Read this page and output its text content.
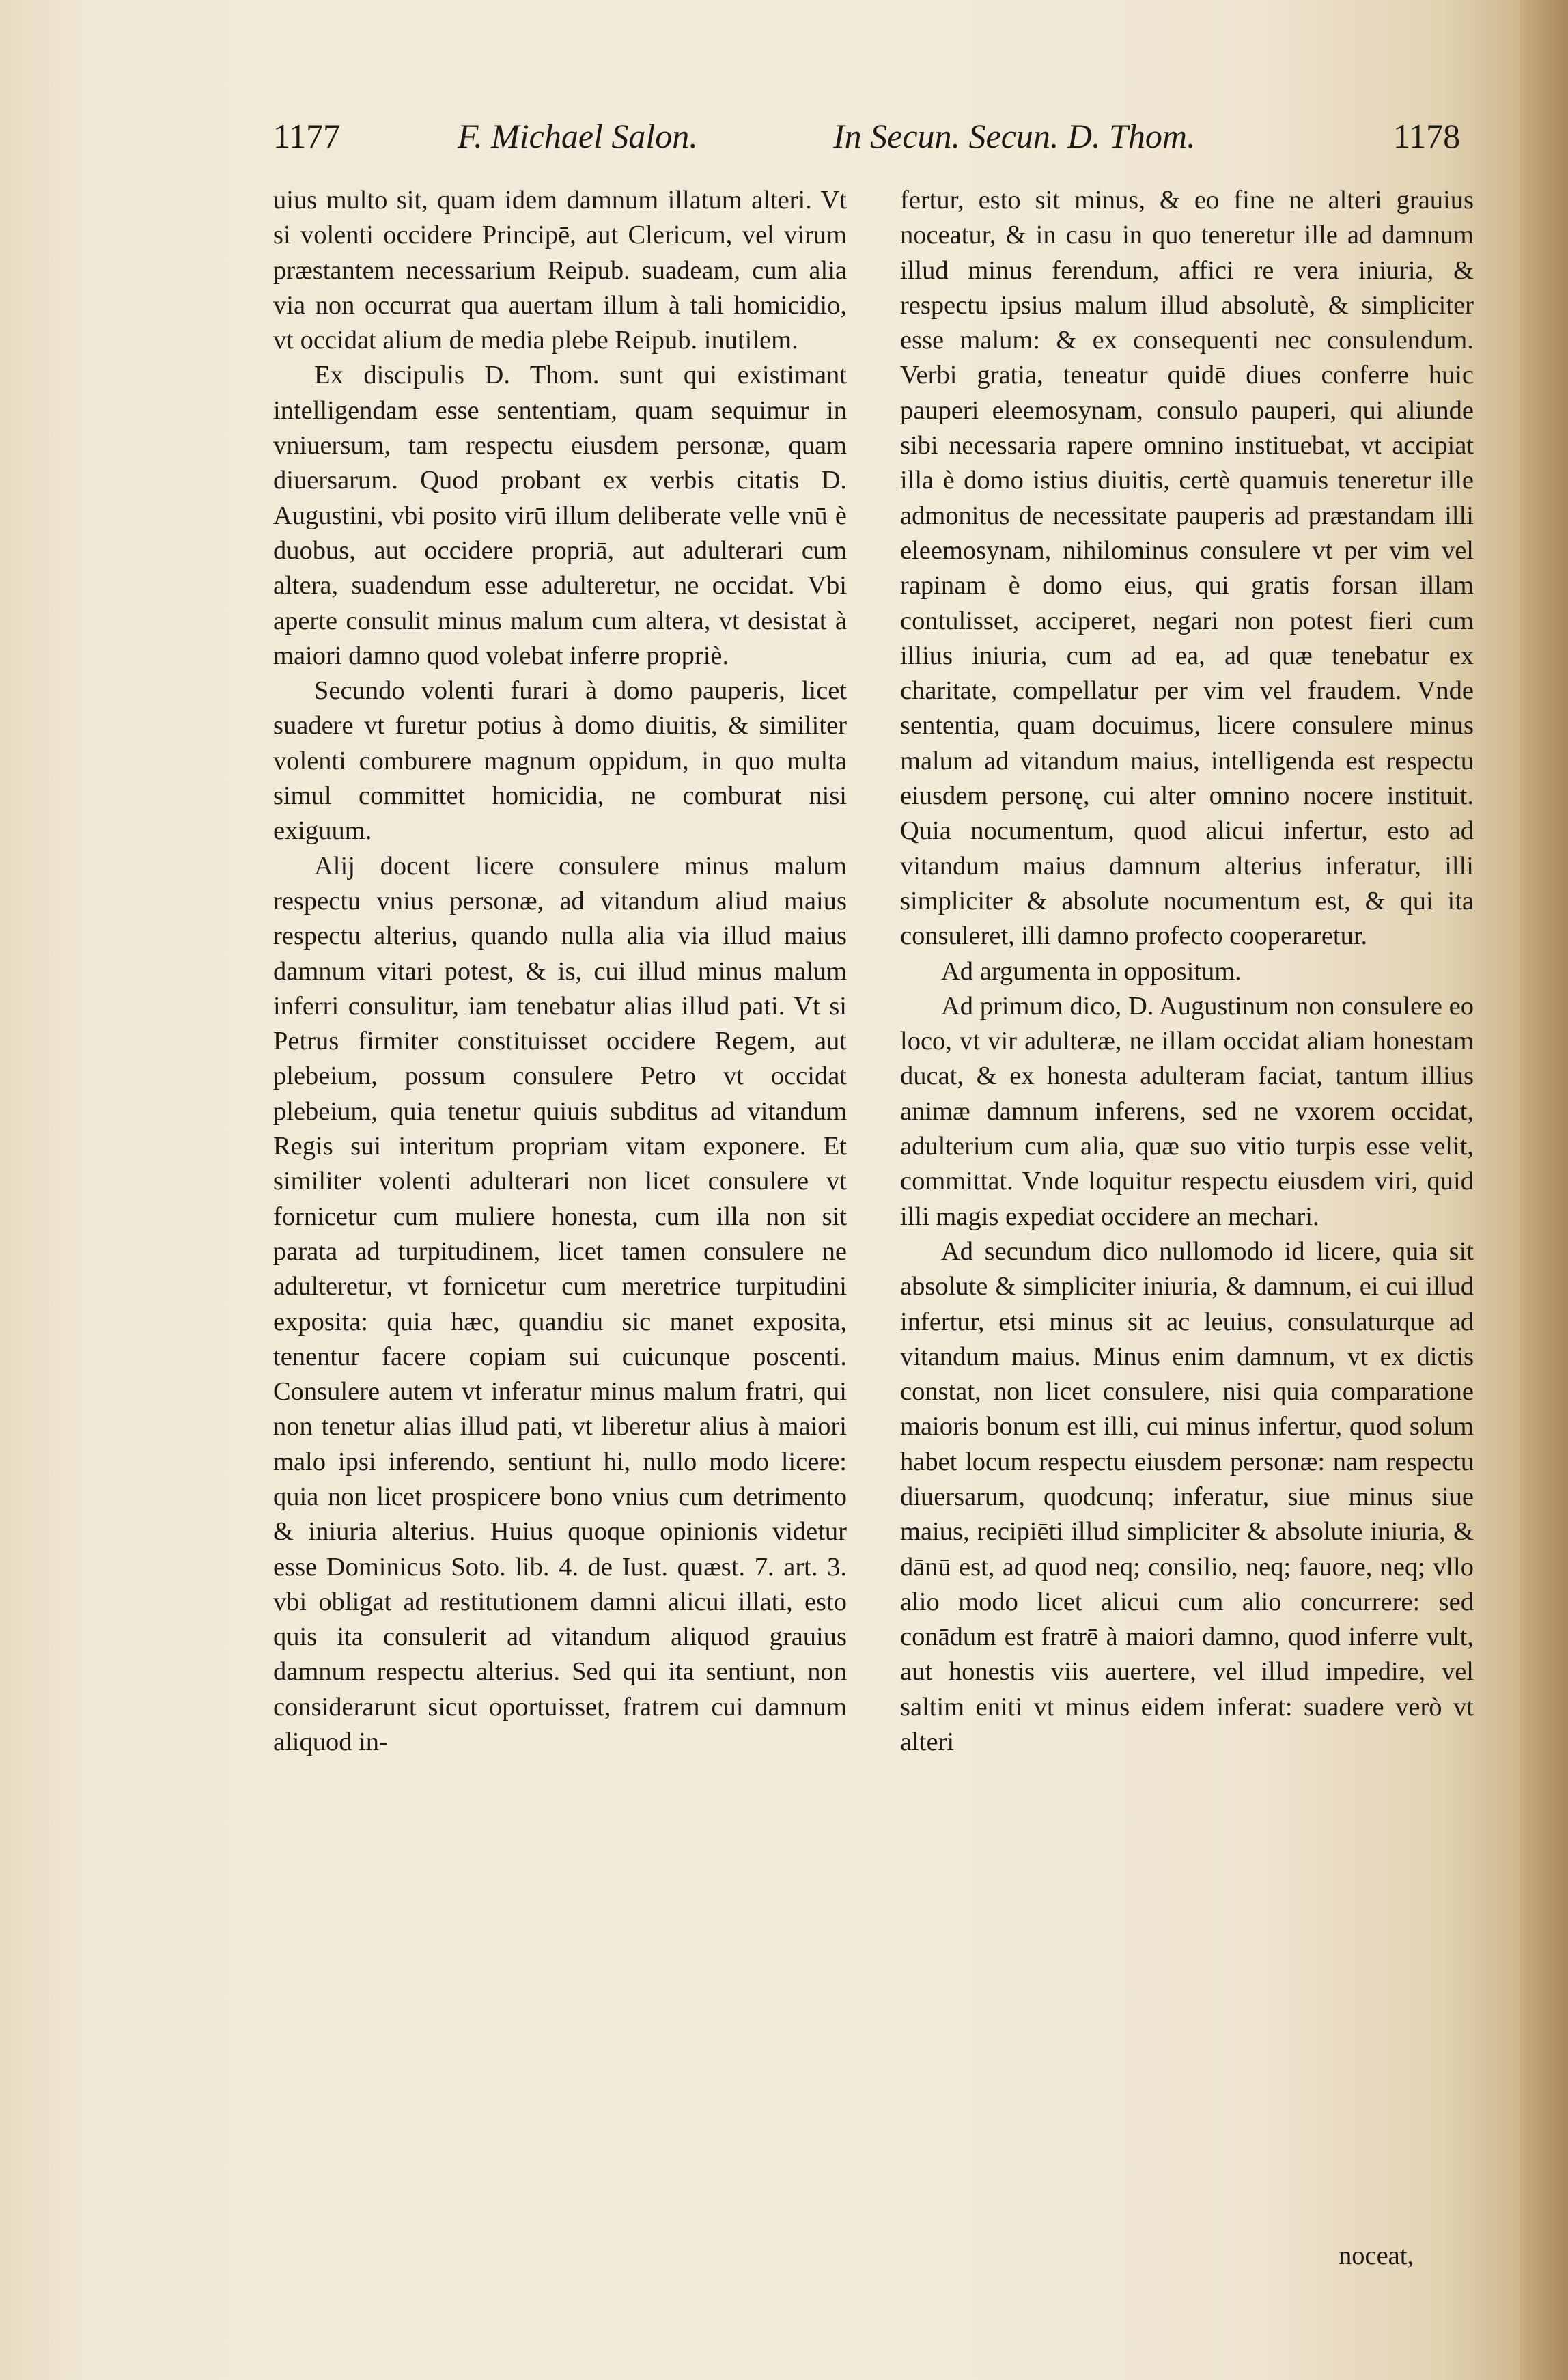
1177	F. Michael Salon.	In Secun. Secun. D. Thom.	1178

uius multo sit, quam idem damnum illatum alteri. Vt si volenti occidere Principē, aut Clericum, vel virum præstantem necessarium Reipub. suadeam, cum alia via non occurrat qua auertam illum à tali homicidio, vt occidat alium de media plebe Reipub. inutilem.

Ex discipulis D. Thom. sunt qui existimant intelligendam esse sententiam, quam sequimur in vniuersum, tam respectu eiusdem personæ, quam diuersarum. Quod probant ex verbis citatis D. Augustini, vbi posito virū illum deliberate velle vnū è duobus, aut occidere propriā, aut adulterari cum altera, suadendum esse adulteretur, ne occidat. Vbi aperte consulit minus malum cum altera, vt desistat à maiori damno quod volebat inferre propriè.

Secundo volenti furari à domo pauperis, licet suadere vt furetur potius à domo diuitis, & similiter volenti comburere magnum oppidum, in quo multa simul committet homicidia, ne comburat nisi exiguum.

Alij docent licere consulere minus malum respectu vnius personæ, ad vitandum aliud maius respectu alterius, quando nulla alia via illud maius damnum vitari potest, & is, cui illud minus malum inferri consulitur, iam tenebatur alias illud pati. Vt si Petrus firmiter constituisset occidere Regem, aut plebeium, possum consulere Petro vt occidat plebeium, quia tenetur quiuis subditus ad vitandum Regis sui interitum propriam vitam exponere. Et similiter volenti adulterari non licet consulere vt fornicetur cum muliere honesta, cum illa non sit parata ad turpitudinem, licet tamen consulere ne adulteretur, vt fornicetur cum meretrice turpitudini exposita: quia hæc, quandiu sic manet exposita, tenentur facere copiam sui cuicunque poscenti. Consulere autem vt inferatur minus malum fratri, qui non tenetur alias illud pati, vt liberetur alius à maiori malo ipsi inferendo, sentiunt hi, nullo modo licere: quia non licet prospicere bono vnius cum detrimento & iniuria alterius. Huius quoque opinionis videtur esse Dominicus Soto. lib. 4. de Iust. quæst. 7. art. 3. vbi obligat ad restitutionem damni alicui illati, esto quis ita consulerit ad vitandum aliquod grauius damnum respectu alterius. Sed qui ita sentiunt, non considerarunt sicut oportuisset, fratrem cui damnum aliquod in-

fertur, esto sit minus, & eo fine ne alteri grauius noceatur, & in casu in quo teneretur ille ad damnum illud minus ferendum, affici re vera iniuria, & respectu ipsius malum illud absolutè, & simpliciter esse malum: & ex consequenti nec consulendum. Verbi gratia, teneatur quidē diues conferre huic pauperi eleemosynam, consulo pauperi, qui aliunde sibi necessaria rapere omnino instituebat, vt accipiat illa è domo istius diuitis, certè quamuis teneretur ille admonitus de necessitate pauperis ad præstandam illi eleemosynam, nihilominus consulere vt per vim vel rapinam è domo eius, qui gratis forsan illam contulisset, acciperet, negari non potest fieri cum illius iniuria, cum ad ea, ad quæ tenebatur ex charitate, compellatur per vim vel fraudem. Vnde sententia, quam docuimus, licere consulere minus malum ad vitandum maius, intelligenda est respectu eiusdem personę, cui alter omnino nocere instituit. Quia nocumentum, quod alicui infertur, esto ad vitandum maius damnum alterius inferatur, illi simpliciter & absolute nocumentum est, & qui ita consuleret, illi damno profecto cooperaretur.

Ad argumenta in oppositum.

Ad primum dico, D. Augustinum non consulere eo loco, vt vir adulteræ, ne illam occidat aliam honestam ducat, & ex honesta adulteram faciat, tantum illius animæ damnum inferens, sed ne vxorem occidat, adulterium cum alia, quæ suo vitio turpis esse velit, committat. Vnde loquitur respectu eiusdem viri, quid illi magis expediat occidere an mechari.

Ad secundum dico nullomodo id licere, quia sit absolute & simpliciter iniuria, & damnum, ei cui illud infertur, etsi minus sit ac leuius, consulaturque ad vitandum maius. Minus enim damnum, vt ex dictis constat, non licet consulere, nisi quia comparatione maioris bonum est illi, cui minus infertur, quod solum habet locum respectu eiusdem personæ: nam respectu diuersarum, quodcunq; inferatur, siue minus siue maius, recipiēti illud simpliciter & absolute iniuria, & dānū est, ad quod neq; consilio, neq; fauore, neq; vllo alio modo licet alicui cum alio concurrere: sed conādum est fratrē à maiori damno, quod inferre vult, aut honestis viis auertere, vel illud impedire, vel saltim eniti vt minus eidem inferat: suadere verò vt alteri

noceat,
